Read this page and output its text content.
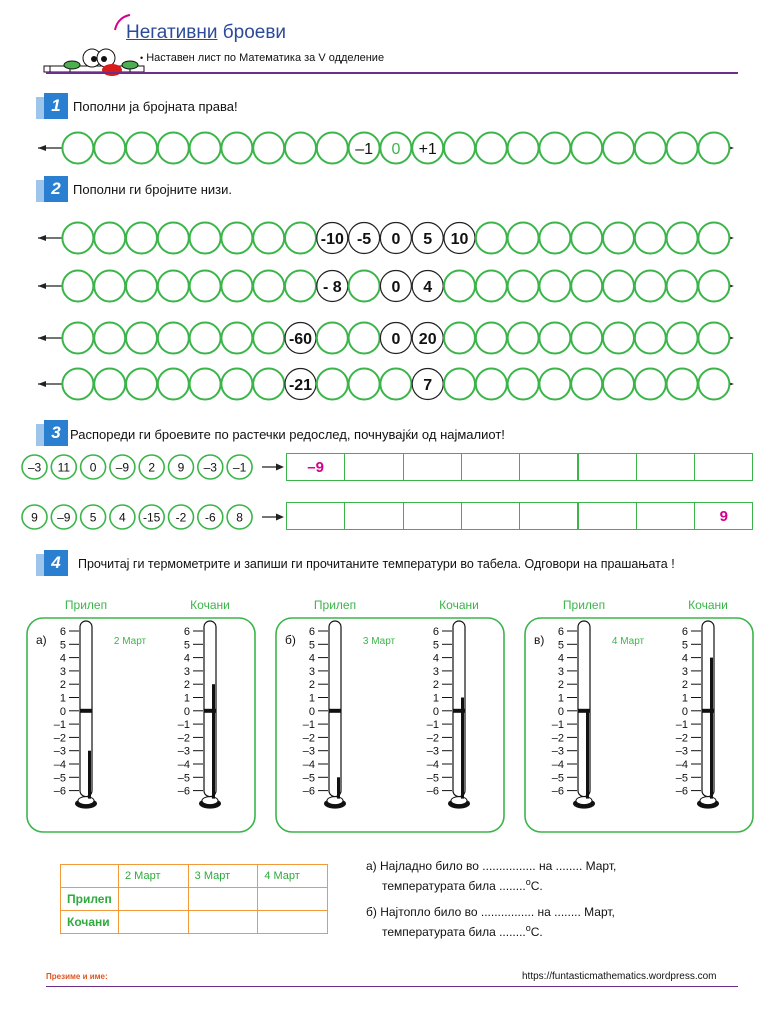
Негативни броеви
• Наставен лист по Математика за V одделение
1 Пополни ја бројната права!
–1 0 +1
2 Пополни ги бројните низи.
-10 -5 0 5 10
- 8	0 4
-60	0 20
-21	7
3 Распореди ги броевите по растечки редослед, почнувајќи од најмалиот!
–3 11 0 –9 2 9 –3 –1
9 –9 5 4 -15 -2 -6 8
–9
9
4	Прочитај ги термометрите и запиши ги прочитаните температури во табела. Одговори на прашањата !
Прилеп	Кочани
а)	2 Март
6
5
4
3
2
1
0
–1
–2
–3
–4
–5
–6
6
5
4
3
2
1
0
–1
–2
–3
–4
–5
–6
Прилеп	Кочани
б)	3 Март
6
5
4
3
2
1
0
–1
–2
–3
–4
–5
–6
6
5
4
3
2
1
0
–1
–2
–3
–4
–5
–6
Прилеп	Кочани
в)	4 Март
6
5
4
3
2
1
0
–1
–2
–3
–4
–5
–6
6
5
4
3
2
1
0
–1
–2
–3
–4
–5
–6
	2 Март	3 Март	4 Март
Прилеп			
Кочани			
а) Најладно било во ................ на ........ Март,
температурата била ........$^о$С.
б) Најтопло било во ................ на ........ Март,
температурата била ........$^о$С.
Презиме и име:	https://funtasticmathematics.wordpress.com
